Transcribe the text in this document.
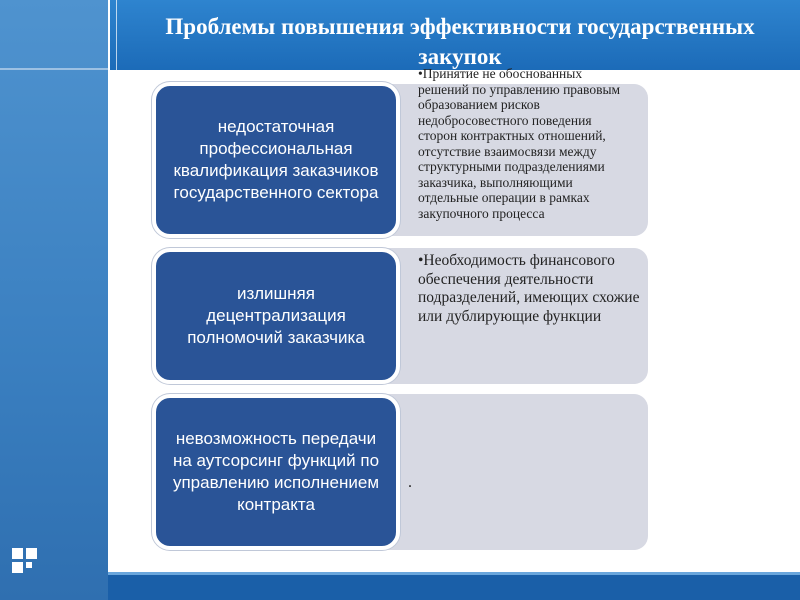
Проблемы повышения эффективности государственных закупок
•Принятие не обоснованных решений по управлению правовым образованием рисков недобросовестного поведения сторон контрактных отношений, отсутствие взаимосвязи между структурными подразделениями заказчика, выполняющими отдельные операции в рамках закупочного процесса
недостаточная профессиональная квалификация заказчиков государственного сектора
•Необходимость финансового обеспечения деятельности подразделений, имеющих схожие или дублирующие функции
излишняя децентрализация полномочий заказчика
.
невозможность передачи на аутсорсинг функций по управлению исполнением контракта
